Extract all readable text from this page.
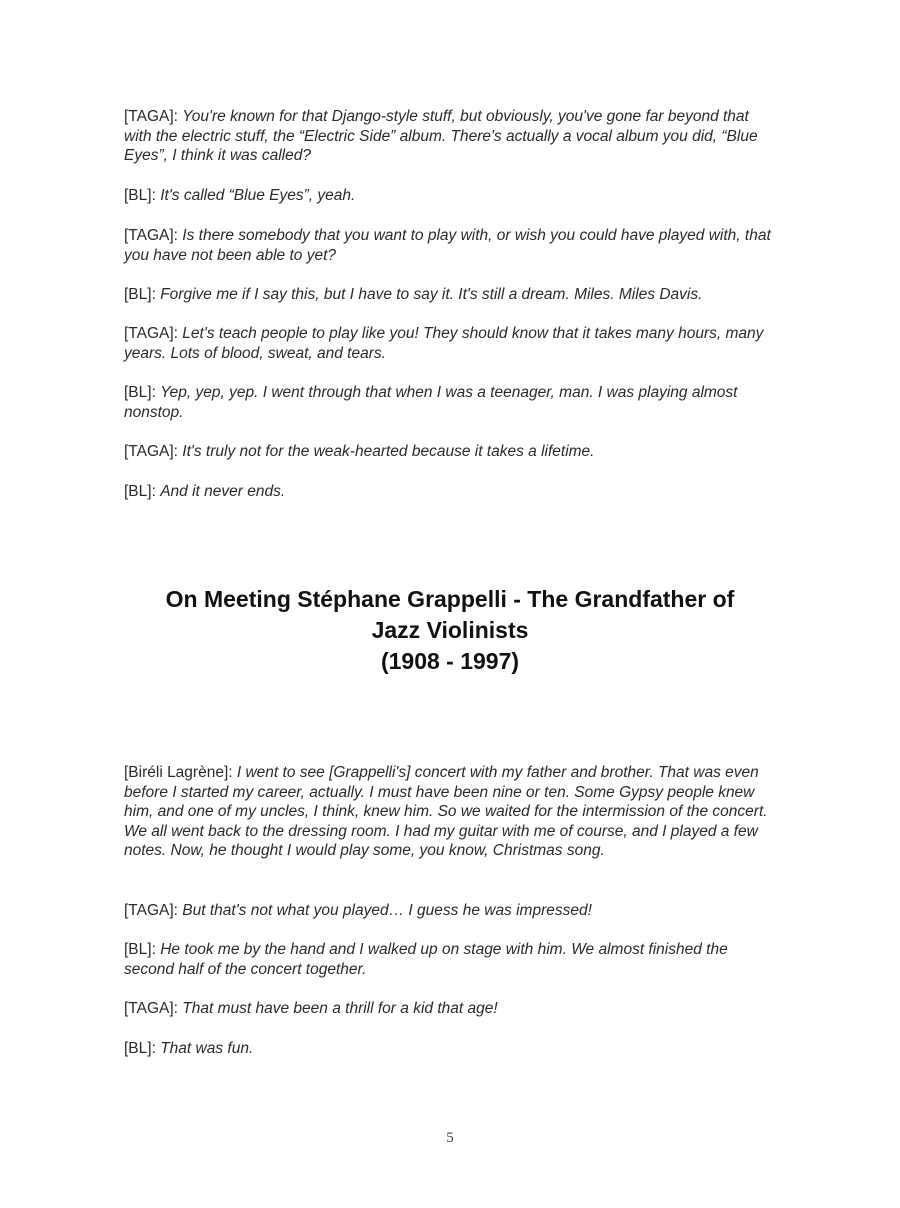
[TAGA]: You're known for that Django-style stuff, but obviously, you've gone far beyond that with the electric stuff, the “Electric Side” album. There's actually a vocal album you did, “Blue Eyes”, I think it was called?

[BL]: It's called “Blue Eyes”, yeah.

[TAGA]: Is there somebody that you want to play with, or wish you could have played with, that you have not been able to yet?

[BL]: Forgive me if I say this, but I have to say it. It's still a dream. Miles. Miles Davis.

[TAGA]: Let's teach people to play like you! They should know that it takes many hours, many years. Lots of blood, sweat, and tears.

[BL]: Yep, yep, yep. I went through that when I was a teenager, man. I was playing almost nonstop.

[TAGA]: It's truly not for the weak-hearted because it takes a lifetime.

[BL]: And it never ends.

On Meeting Stéphane Grappelli - The Grandfather of
Jazz Violinists
(1908 - 1997)

[Biréli Lagrène]: I went to see [Grappelli's] concert with my father and brother. That was even before I started my career, actually. I must have been nine or ten. Some Gypsy people knew him, and one of my uncles, I think, knew him. So we waited for the intermission of the concert. We all went back to the dressing room. I had my guitar with me of course, and I played a few notes. Now, he thought I would play some, you know, Christmas song.

[TAGA]: But that's not what you played… I guess he was impressed!

[BL]: He took me by the hand and I walked up on stage with him. We almost finished the second half of the concert together.

[TAGA]: That must have been a thrill for a kid that age!

[BL]: That was fun.

5
